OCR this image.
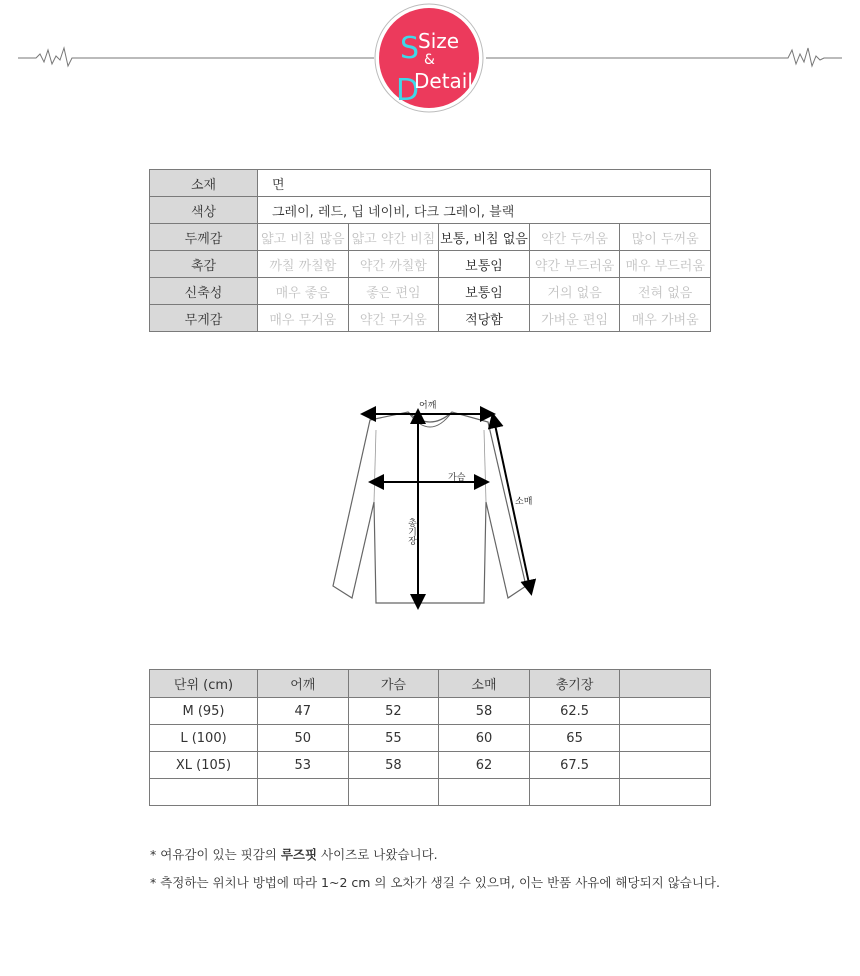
S
D
Size
&
Detail
소재	면				
색상	그레이, 레드, 딥 네이비, 다크 그레이, 블랙				
두께감	얇고 비침 많음	얇고 약간 비침	보통, 비침 없음	약간 두꺼움	많이 두꺼움
촉감	까칠 까칠함	약간 까칠함	보통임	약간 부드러움	매우 부드러움
신축성	매우 좋음	좋은 편임	보통임	거의 없음	전혀 없음
무게감	매우 무거움	약간 무거움	적당함	가벼운 편임	매우 가벼움
어깨
가슴
소매
총기장
단위 (cm)	어깨	가슴	소매	총기장	
M (95)	47	52	58	62.5	
L (100)	50	55	60	65	
XL (105)	53	58	62	67.5	

* 여유감이 있는 핏감의 루즈핏 사이즈로 나왔습니다.
* 측정하는 위치나 방법에 따라 1~2 cm 의 오차가 생길 수 있으며, 이는 반품 사유에 해당되지 않습니다.
